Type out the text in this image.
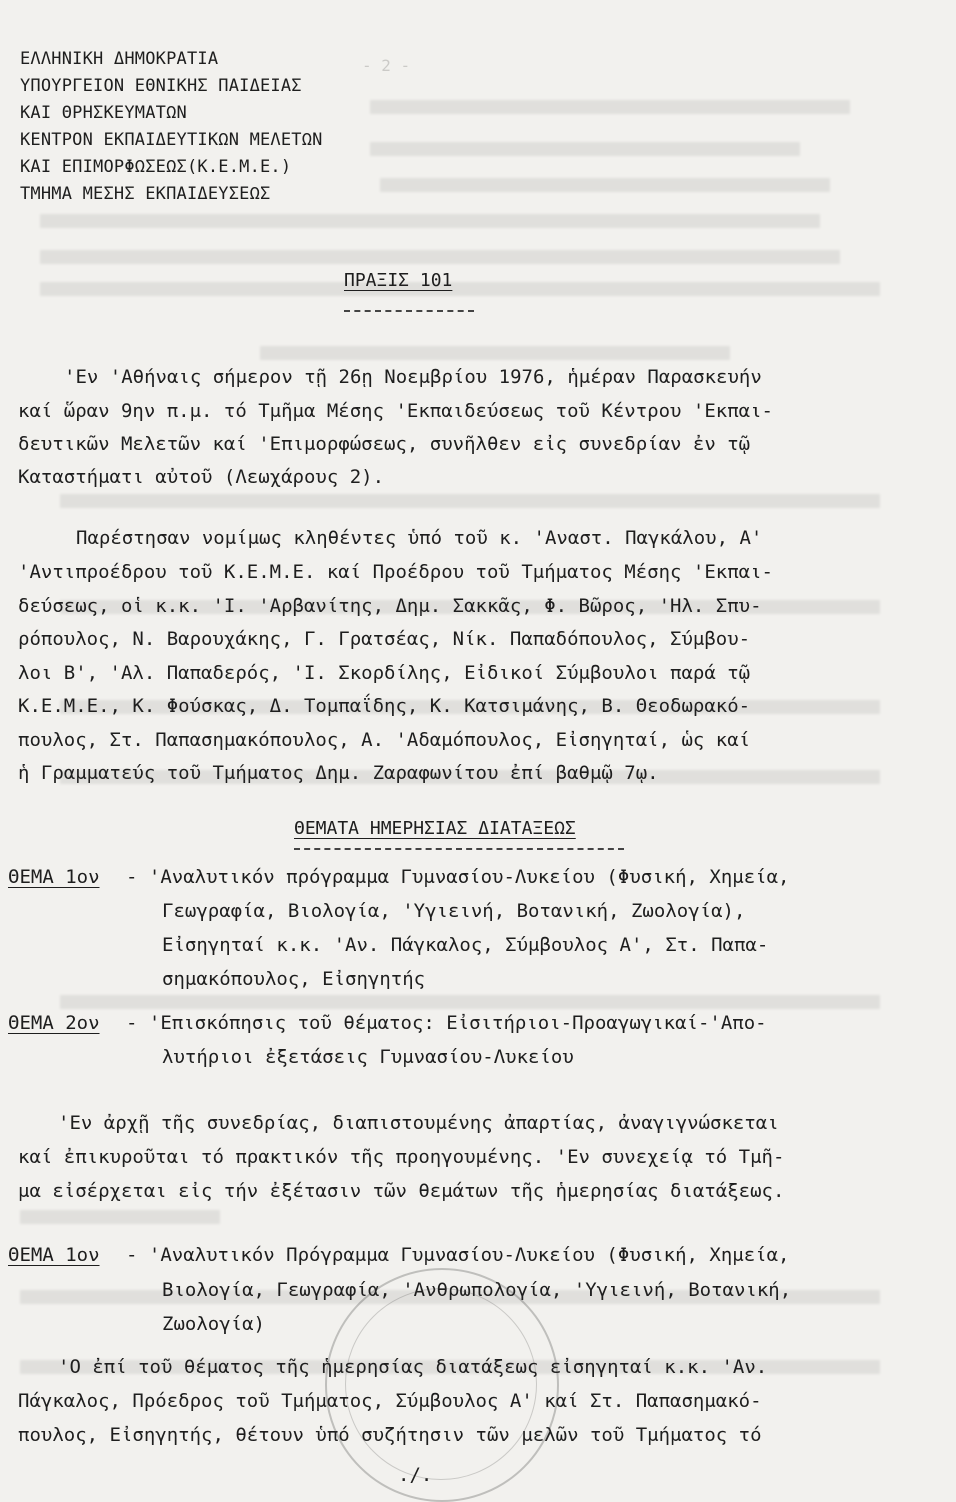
- 2 -
ΕΛΛΗΝΙΚΗ ΔΗΜΟΚΡΑΤΙΑ
ΥΠΟΥΡΓΕΙΟΝ ΕΘΝΙΚΗΣ ΠΑΙΔΕΙΑΣ
ΚΑΙ ΘΡΗΣΚΕΥΜΑΤΩΝ
ΚΕΝΤΡΟΝ ΕΚΠΑΙΔΕΥΤΙΚΩΝ ΜΕΛΕΤΩΝ
ΚΑΙ ΕΠΙΜΟΡΦΩΣΕΩΣ(Κ.Ε.Μ.Ε.)
ΤΜΗΜΑ ΜΕΣΗΣ ΕΚΠΑΙΔΕΥΣΕΩΣ
ΠΡΑΞΙΣ 101
'Εν 'Αθήναις σήμερον τῇ 26ῃ Νοεμβρίου 1976, ἡμέραν Παρασκευήν
καί ὥραν 9ην π.μ. τό Τμῆμα Μέσης 'Εκπαιδεύσεως τοῦ Κέντρου 'Εκπαι-
δευτικῶν Μελετῶν καί 'Επιμορφώσεως, συνῆλθεν εἰς συνεδρίαν ἐν τῷ
Καταστήματι αὐτοῦ (Λεωχάρους 2).
Παρέστησαν νομίμως κληθέντες ὑπό τοῦ κ. 'Αναστ. Παγκάλου, Α'
'Αντιπροέδρου τοῦ Κ.Ε.Μ.Ε. καί Προέδρου τοῦ Τμήματος Μέσης 'Εκπαι-
δεύσεως, οἱ κ.κ. 'Ι. 'Αρβανίτης, Δημ. Σακκᾶς, Φ. Βῶρος, 'Ηλ. Σπυ-
ρόπουλος, Ν. Βαρουχάκης, Γ. Γρατσέας, Νίκ. Παπαδόπουλος, Σύμβου-
λοι Β', 'Αλ. Παπαδερός, 'Ι. Σκορδίλης, Εἰδικοί Σύμβουλοι παρά τῷ
Κ.Ε.Μ.Ε., Κ. Φούσκας, Δ. Τομπαΐδης, Κ. Κατσιμάνης, Β. Θεοδωρακό-
πουλος, Στ. Παπασημακόπουλος, Α. 'Αδαμόπουλος, Εἰσηγηταί, ὡς καί
ἡ Γραμματεύς τοῦ Τμήματος Δημ. Ζαραφωνίτου ἐπί βαθμῷ 7ῳ.
ΘΕΜΑΤΑ ΗΜΕΡΗΣΙΑΣ ΔΙΑΤΑΞΕΩΣ
ΘΕΜΑ 1ον - 'Αναλυτικόν πρόγραμμα Γυμνασίου-Λυκείου (Φυσική, Χημεία,
Γεωγραφία, Βιολογία, 'Υγιεινή, Βοτανική, Ζωολογία),
Εἰσηγηταί κ.κ. 'Αν. Πάγκαλος, Σύμβουλος Α', Στ. Παπα-
σημακόπουλος, Εἰσηγητής
ΘΕΜΑ 2ον - 'Επισκόπησις τοῦ θέματος: Εἰσιτήριοι-Προαγωγικαί-'Απο-
λυτήριοι ἐξετάσεις Γυμνασίου-Λυκείου
'Εν ἀρχῇ τῆς συνεδρίας, διαπιστουμένης ἀπαρτίας, ἀναγιγνώσκεται
καί ἐπικυροῦται τό πρακτικόν τῆς προηγουμένης. 'Εν συνεχείᾳ τό Τμῆ-
μα εἰσέρχεται εἰς τήν ἐξέτασιν τῶν θεμάτων τῆς ἡμερησίας διατάξεως.
ΘΕΜΑ 1ον - 'Αναλυτικόν Πρόγραμμα Γυμνασίου-Λυκείου (Φυσική, Χημεία,
Βιολογία, Γεωγραφία, 'Ανθρωπολογία, 'Υγιεινή, Βοτανική,
Ζωολογία)
'Ο ἐπί τοῦ θέματος τῆς ἡμερησίας διατάξεως εἰσηγηταί κ.κ. 'Αν.
Πάγκαλος, Πρόεδρος τοῦ Τμήματος, Σύμβουλος Α' καί Στ. Παπασημακό-
πουλος, Εἰσηγητής, θέτουν ὑπό συζήτησιν τῶν μελῶν τοῦ Τμήματος τό
./.
